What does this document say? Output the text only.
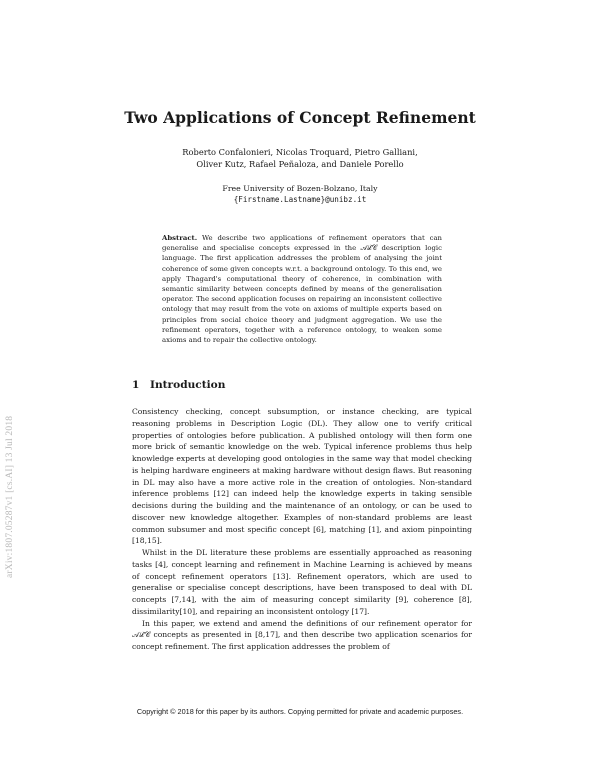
arXiv:1807.05287v1 [cs.AI] 13 Jul 2018
Two Applications of Concept Refinement
Roberto Confalonieri, Nicolas Troquard, Pietro Galliani,
Oliver Kutz, Rafael Peñaloza, and Daniele Porello
Free University of Bozen-Bolzano, Italy
{Firstname.Lastname}@unibz.it
Abstract. We describe two applications of refinement operators that can generalise and specialise concepts expressed in the 𝒜ℒ𝒞 description logic language. The first application addresses the problem of analysing the joint coherence of some given concepts w.r.t. a background ontology. To this end, we apply Thagard's computational theory of coherence, in combination with semantic similarity between concepts defined by means of the generalisation operator. The second application focuses on repairing an inconsistent collective ontology that may result from the vote on axioms of multiple experts based on principles from social choice theory and judgment aggregation. We use the refinement operators, together with a reference ontology, to weaken some axioms and to repair the collective ontology.
1 Introduction

Consistency checking, concept subsumption, or instance checking, are typical reasoning problems in Description Logic (DL). They allow one to verify critical properties of ontologies before publication. A published ontology will then form one more brick of semantic knowledge on the web. Typical inference problems thus help knowledge experts at developing good ontologies in the same way that model checking is helping hardware engineers at making hardware without design flaws. But reasoning in DL may also have a more active role in the creation of ontologies. Non-standard inference problems [12] can indeed help the knowledge experts in taking sensible decisions during the building and the maintenance of an ontology, or can be used to discover new knowledge altogether. Examples of non-standard problems are least common subsumer and most specific concept [6], matching [1], and axiom pinpointing [18,15].

Whilst in the DL literature these problems are essentially approached as reasoning tasks [4], concept learning and refinement in Machine Learning is achieved by means of concept refinement operators [13]. Refinement operators, which are used to generalise or specialise concept descriptions, have been transposed to deal with DL concepts [7,14], with the aim of measuring concept similarity [9], coherence [8], dissimilarity[10], and repairing an inconsistent ontology [17].

In this paper, we extend and amend the definitions of our refinement operator for 𝒜ℒ𝒞 concepts as presented in [8,17], and then describe two application scenarios for concept refinement. The first application addresses the problem of

Copyright © 2018 for this paper by its authors. Copying permitted for private and academic purposes.
